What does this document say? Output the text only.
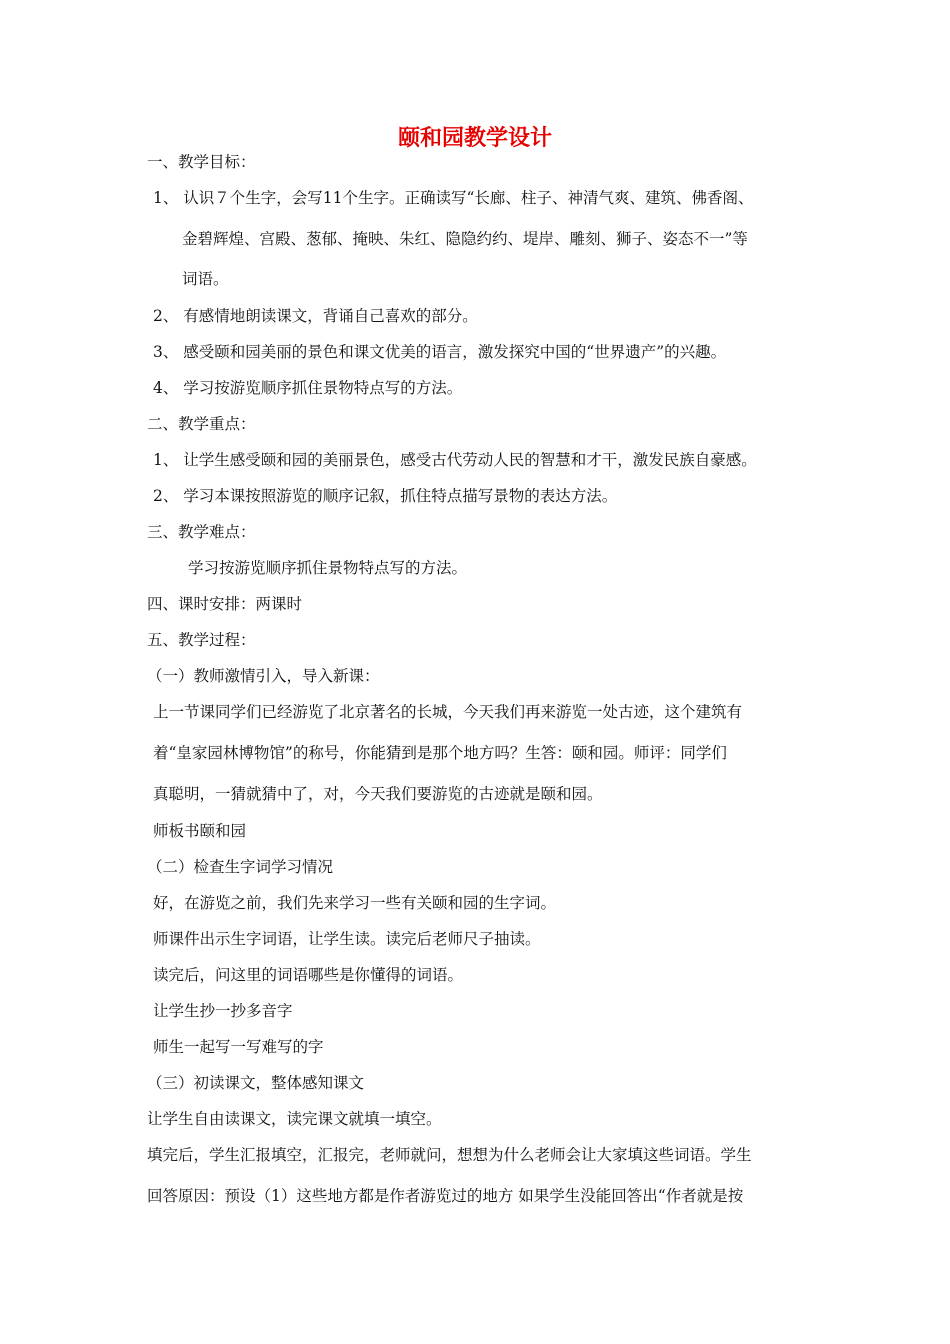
颐和园教学设计
一、教学目标：
1、 认识７个生字，会写11个生字。正确读写“长廊、柱子、神清气爽、建筑、佛香阁、
金碧辉煌、宫殿、葱郁、掩映、朱红、隐隐约约、堤岸、雕刻、狮子、姿态不一”等
词语。
2、 有感情地朗读课文，背诵自己喜欢的部分。
3、 感受颐和园美丽的景色和课文优美的语言，激发探究中国的“世界遗产”的兴趣。
4、 学习按游览顺序抓住景物特点写的方法。
二、教学重点：
1、 让学生感受颐和园的美丽景色，感受古代劳动人民的智慧和才干，激发民族自豪感。
2、 学习本课按照游览的顺序记叙，抓住特点描写景物的表达方法。
三、教学难点：
学习按游览顺序抓住景物特点写的方法。
四、课时安排：两课时
五、教学过程：
（一）教师激情引入，导入新课：
上一节课同学们已经游览了北京著名的长城，今天我们再来游览一处古迹，这个建筑有
着“皇家园林博物馆”的称号，你能猜到是那个地方吗？生答：颐和园。师评：同学们
真聪明，一猜就猜中了，对，今天我们要游览的古迹就是颐和园。
师板书颐和园
（二）检查生字词学习情况
好，在游览之前，我们先来学习一些有关颐和园的生字词。
师课件出示生字词语，让学生读。读完后老师尺子抽读。
读完后，问这里的词语哪些是你懂得的词语。
让学生抄一抄多音字
师生一起写一写难写的字
（三）初读课文，整体感知课文
让学生自由读课文，读完课文就填一填空。
填完后，学生汇报填空，汇报完，老师就问，想想为什么老师会让大家填这些词语。学生
回答原因：预设（1）这些地方都是作者游览过的地方 如果学生没能回答出“作者就是按
